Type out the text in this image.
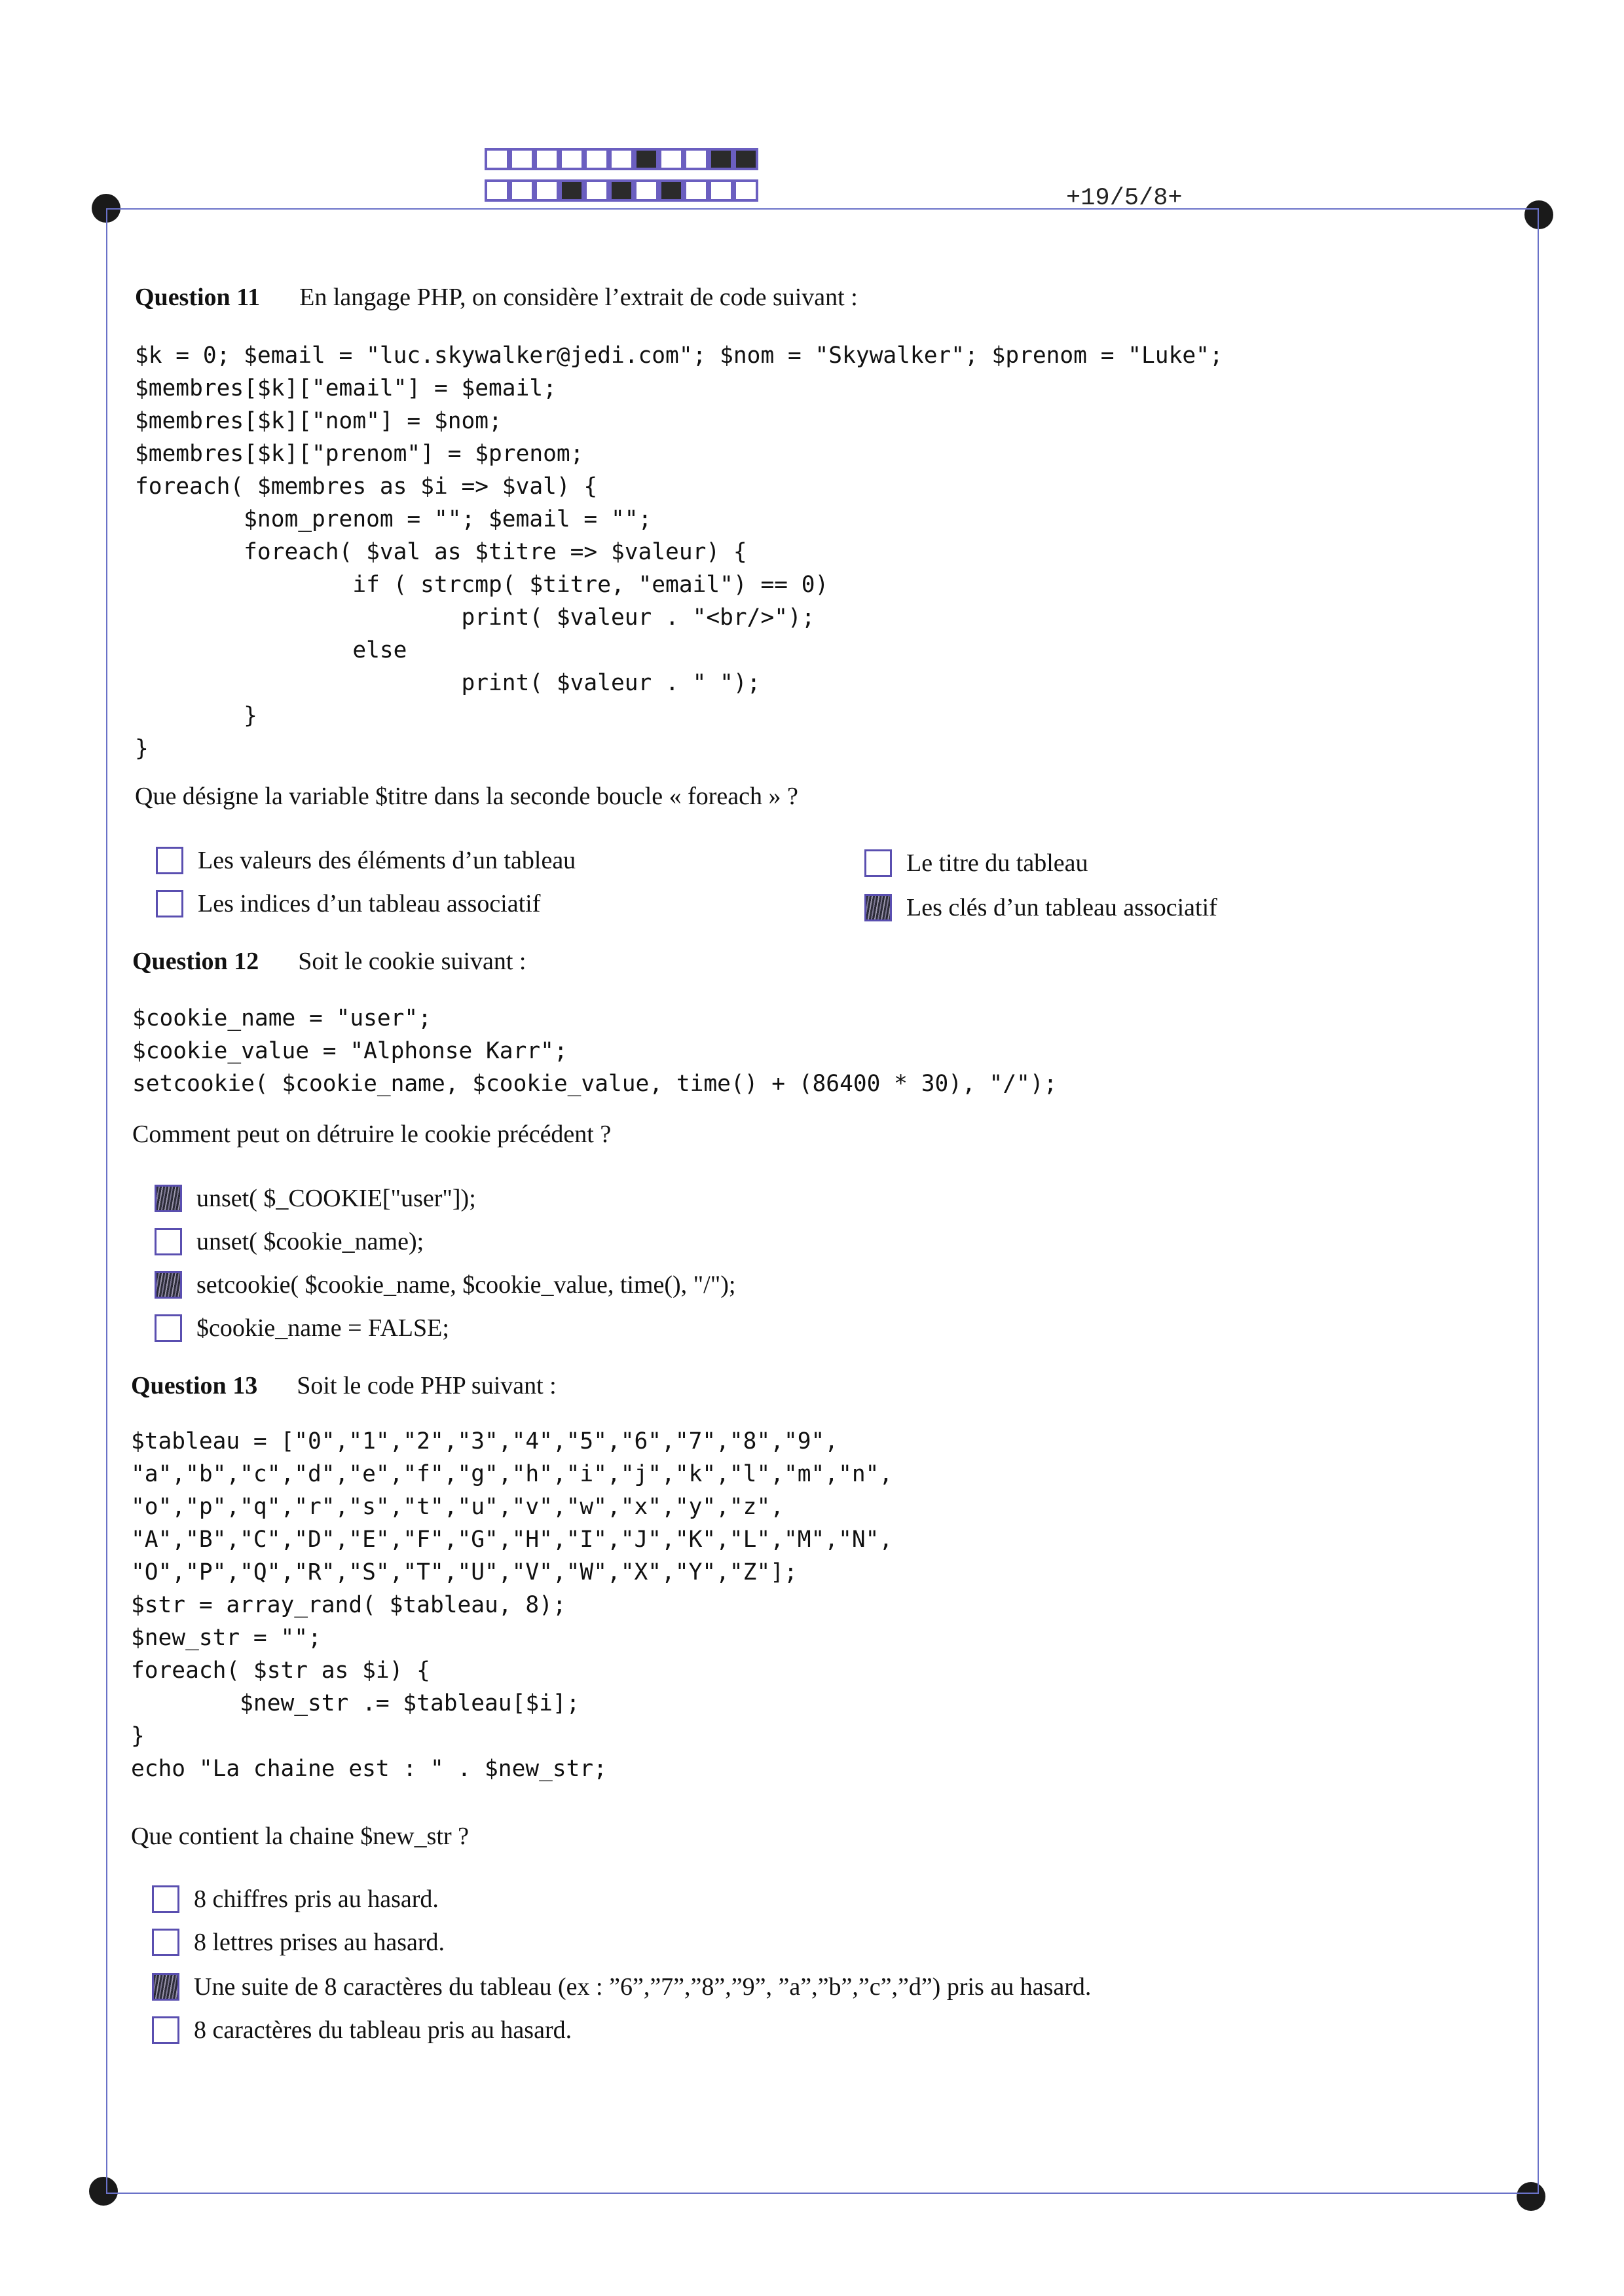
+19/5/8+
Question 11 En langage PHP, on considère l’extrait de code suivant :
$k = 0; $email = "luc.skywalker@jedi.com"; $nom = "Skywalker"; $prenom = "Luke";
$membres[$k]["email"] = $email;
$membres[$k]["nom"] = $nom;
$membres[$k]["prenom"] = $prenom;
foreach( $membres as $i => $val) {
$nom_prenom = ""; $email = "";
foreach( $val as $titre => $valeur) {
if ( strcmp( $titre, "email") == 0)
print( $valeur . "<br/>");
else
print( $valeur . " ");
}
}
Que désigne la variable $titre dans la seconde boucle « foreach » ?
Les valeurs des éléments d’un tableau
Les indices d’un tableau associatif
Le titre du tableau
Les clés d’un tableau associatif
Question 12 Soit le cookie suivant :
$cookie_name = "user";
$cookie_value = "Alphonse Karr";
setcookie( $cookie_name, $cookie_value, time() + (86400 * 30), "/");
Comment peut on détruire le cookie précédent ?
unset( $_COOKIE["user"]);
unset( $cookie_name);
setcookie( $cookie_name, $cookie_value, time(), "/");
$cookie_name = FALSE;
Question 13 Soit le code PHP suivant :
$tableau = ["0","1","2","3","4","5","6","7","8","9",
"a","b","c","d","e","f","g","h","i","j","k","l","m","n",
"o","p","q","r","s","t","u","v","w","x","y","z",
"A","B","C","D","E","F","G","H","I","J","K","L","M","N",
"O","P","Q","R","S","T","U","V","W","X","Y","Z"];
$str = array_rand( $tableau, 8);
$new_str = "";
foreach( $str as $i) {
$new_str .= $tableau[$i];
}
echo "La chaine est : " . $new_str;
Que contient la chaine $new_str ?
8 chiffres pris au hasard.
8 lettres prises au hasard.
Une suite de 8 caractères du tableau (ex : ”6”,”7”,”8”,”9”, ”a”,”b”,”c”,”d”) pris au hasard.
8 caractères du tableau pris au hasard.
